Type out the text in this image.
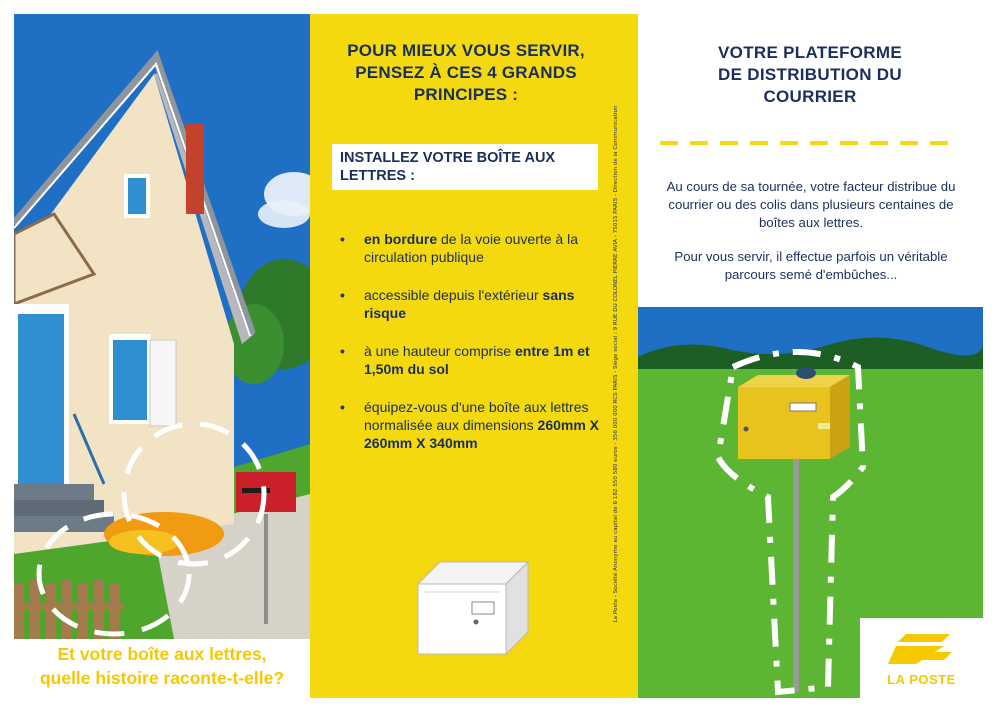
Et votre boîte aux lettres,
quelle histoire raconte-t-elle?
POUR MIEUX VOUS SERVIR,
PENSEZ À CES 4 GRANDS
PRINCIPES :
INSTALLEZ VOTRE BOÎTE AUX LETTRES :
• en bordure de la voie ouverte à la circulation publique
• accessible depuis l'extérieur sans risque
• à une hauteur comprise entre 1m et 1,50m du sol
• équipez-vous d'une boîte aux lettres normalisée aux dimensions 260mm X 260mm X 340mm	La Poste - Société Anonyme au capital de 6 182 550 580 euros - 356 000 000 RCS PARIS - Siège social : 9 RUE DU COLONEL PIERRE AVIA - 75015 PARIS - Direction de la Communication
VOTRE PLATEFORME
DE DISTRIBUTION DU
COURRIER

Au cours de sa tournée, votre facteur distribue du courrier ou des colis dans plusieurs centaines de boîtes aux lettres.

Pour vous servir, il effectue parfois un véritable parcours semé d'embûches...

LA POSTE
